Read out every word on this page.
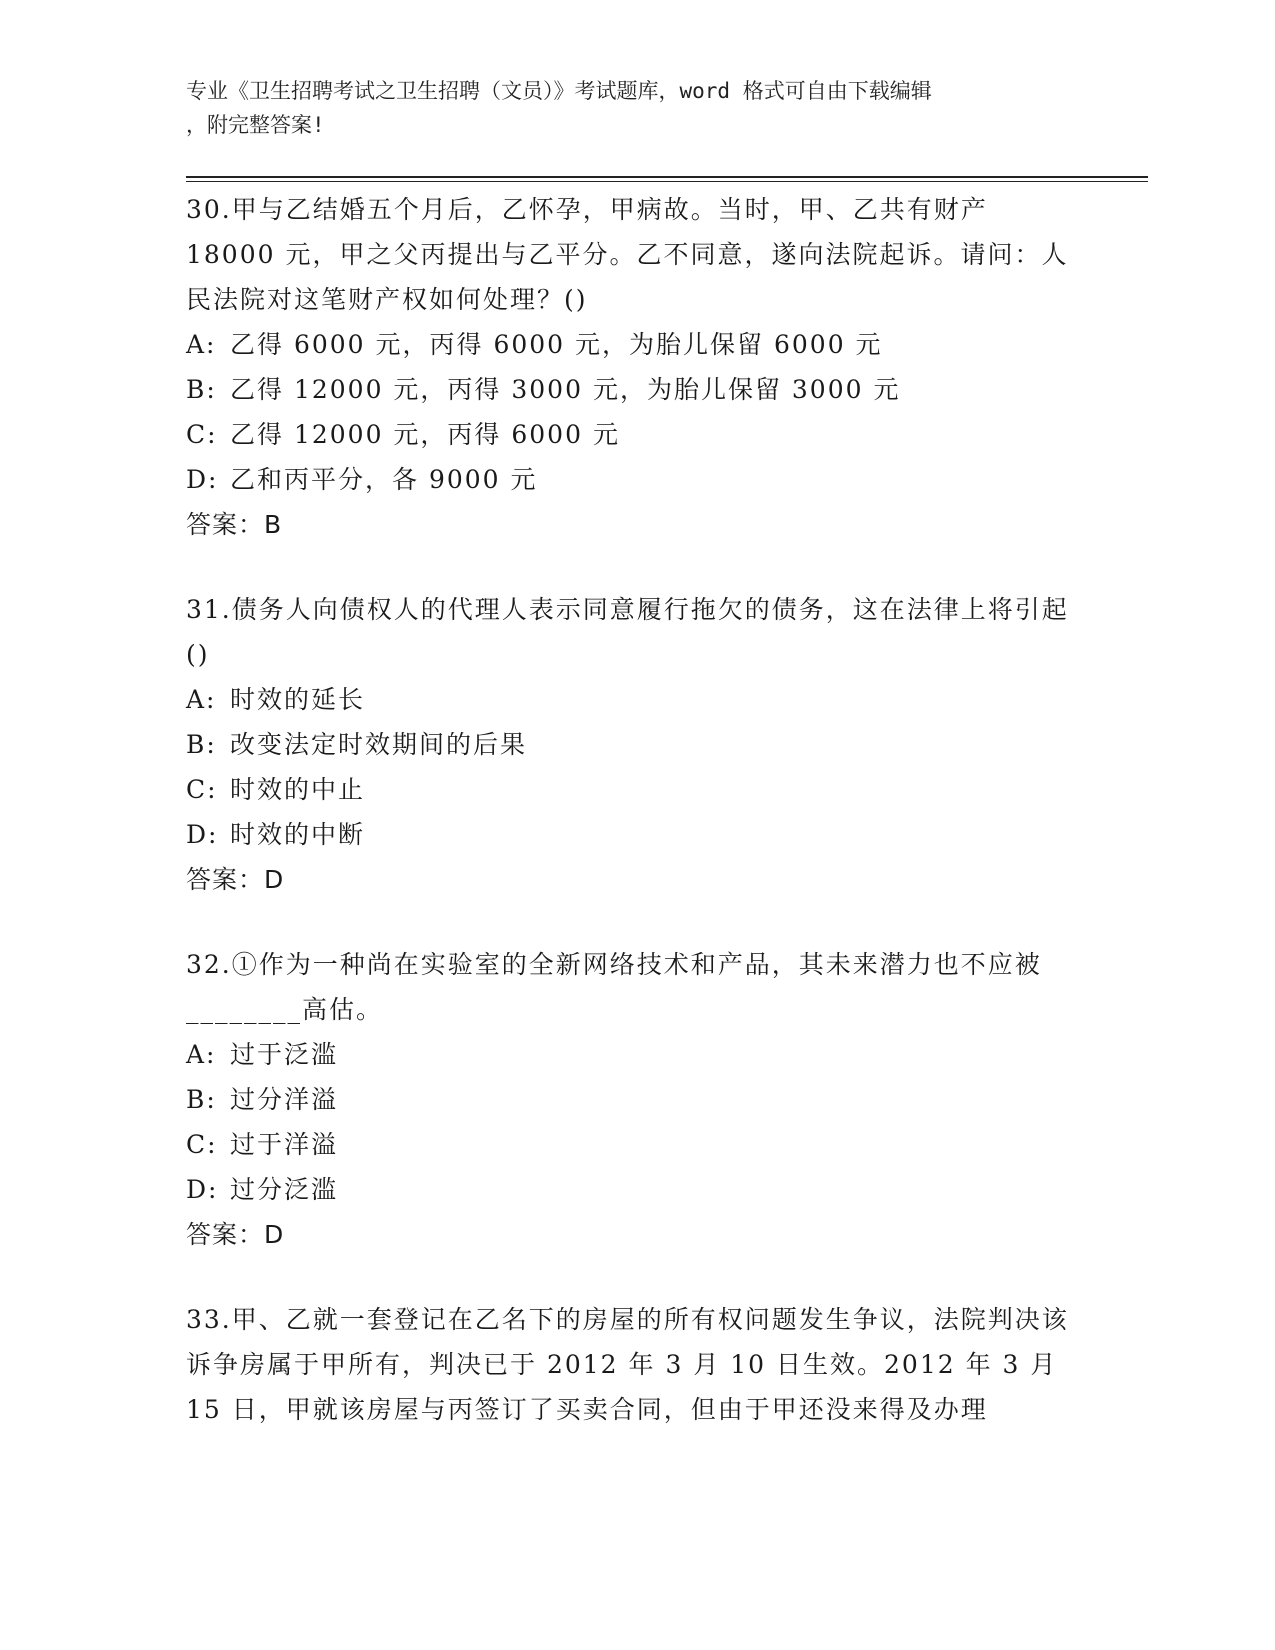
专业《卫生招聘考试之卫生招聘（文员）》考试题库，word 格式可自由下载编辑
，附完整答案!
30.甲与乙结婚五个月后，乙怀孕，甲病故。当时，甲、乙共有财产 18000 元，甲之父丙提出与乙平分。乙不同意，遂向法院起诉。请问：人民法院对这笔财产权如何处理？()
A: 乙得 6000 元，丙得 6000 元，为胎儿保留 6000 元
B: 乙得 12000 元，丙得 3000 元，为胎儿保留 3000 元
C: 乙得 12000 元，丙得 6000 元
D: 乙和丙平分，各 9000 元
答案：B
31.债务人向债权人的代理人表示同意履行拖欠的债务，这在法律上将引起()
A: 时效的延长
B: 改变法定时效期间的后果
C: 时效的中止
D: 时效的中断
答案：D
32.①作为一种尚在实验室的全新网络技术和产品，其未来潜力也不应被________高估。
A: 过于泛滥
B: 过分洋溢
C: 过于洋溢
D: 过分泛滥
答案：D
33.甲、乙就一套登记在乙名下的房屋的所有权问题发生争议，法院判决该诉争房属于甲所有，判决已于 2012 年 3 月 10 日生效。2012 年 3 月 15 日，甲就该房屋与丙签订了买卖合同，但由于甲还没来得及办理
